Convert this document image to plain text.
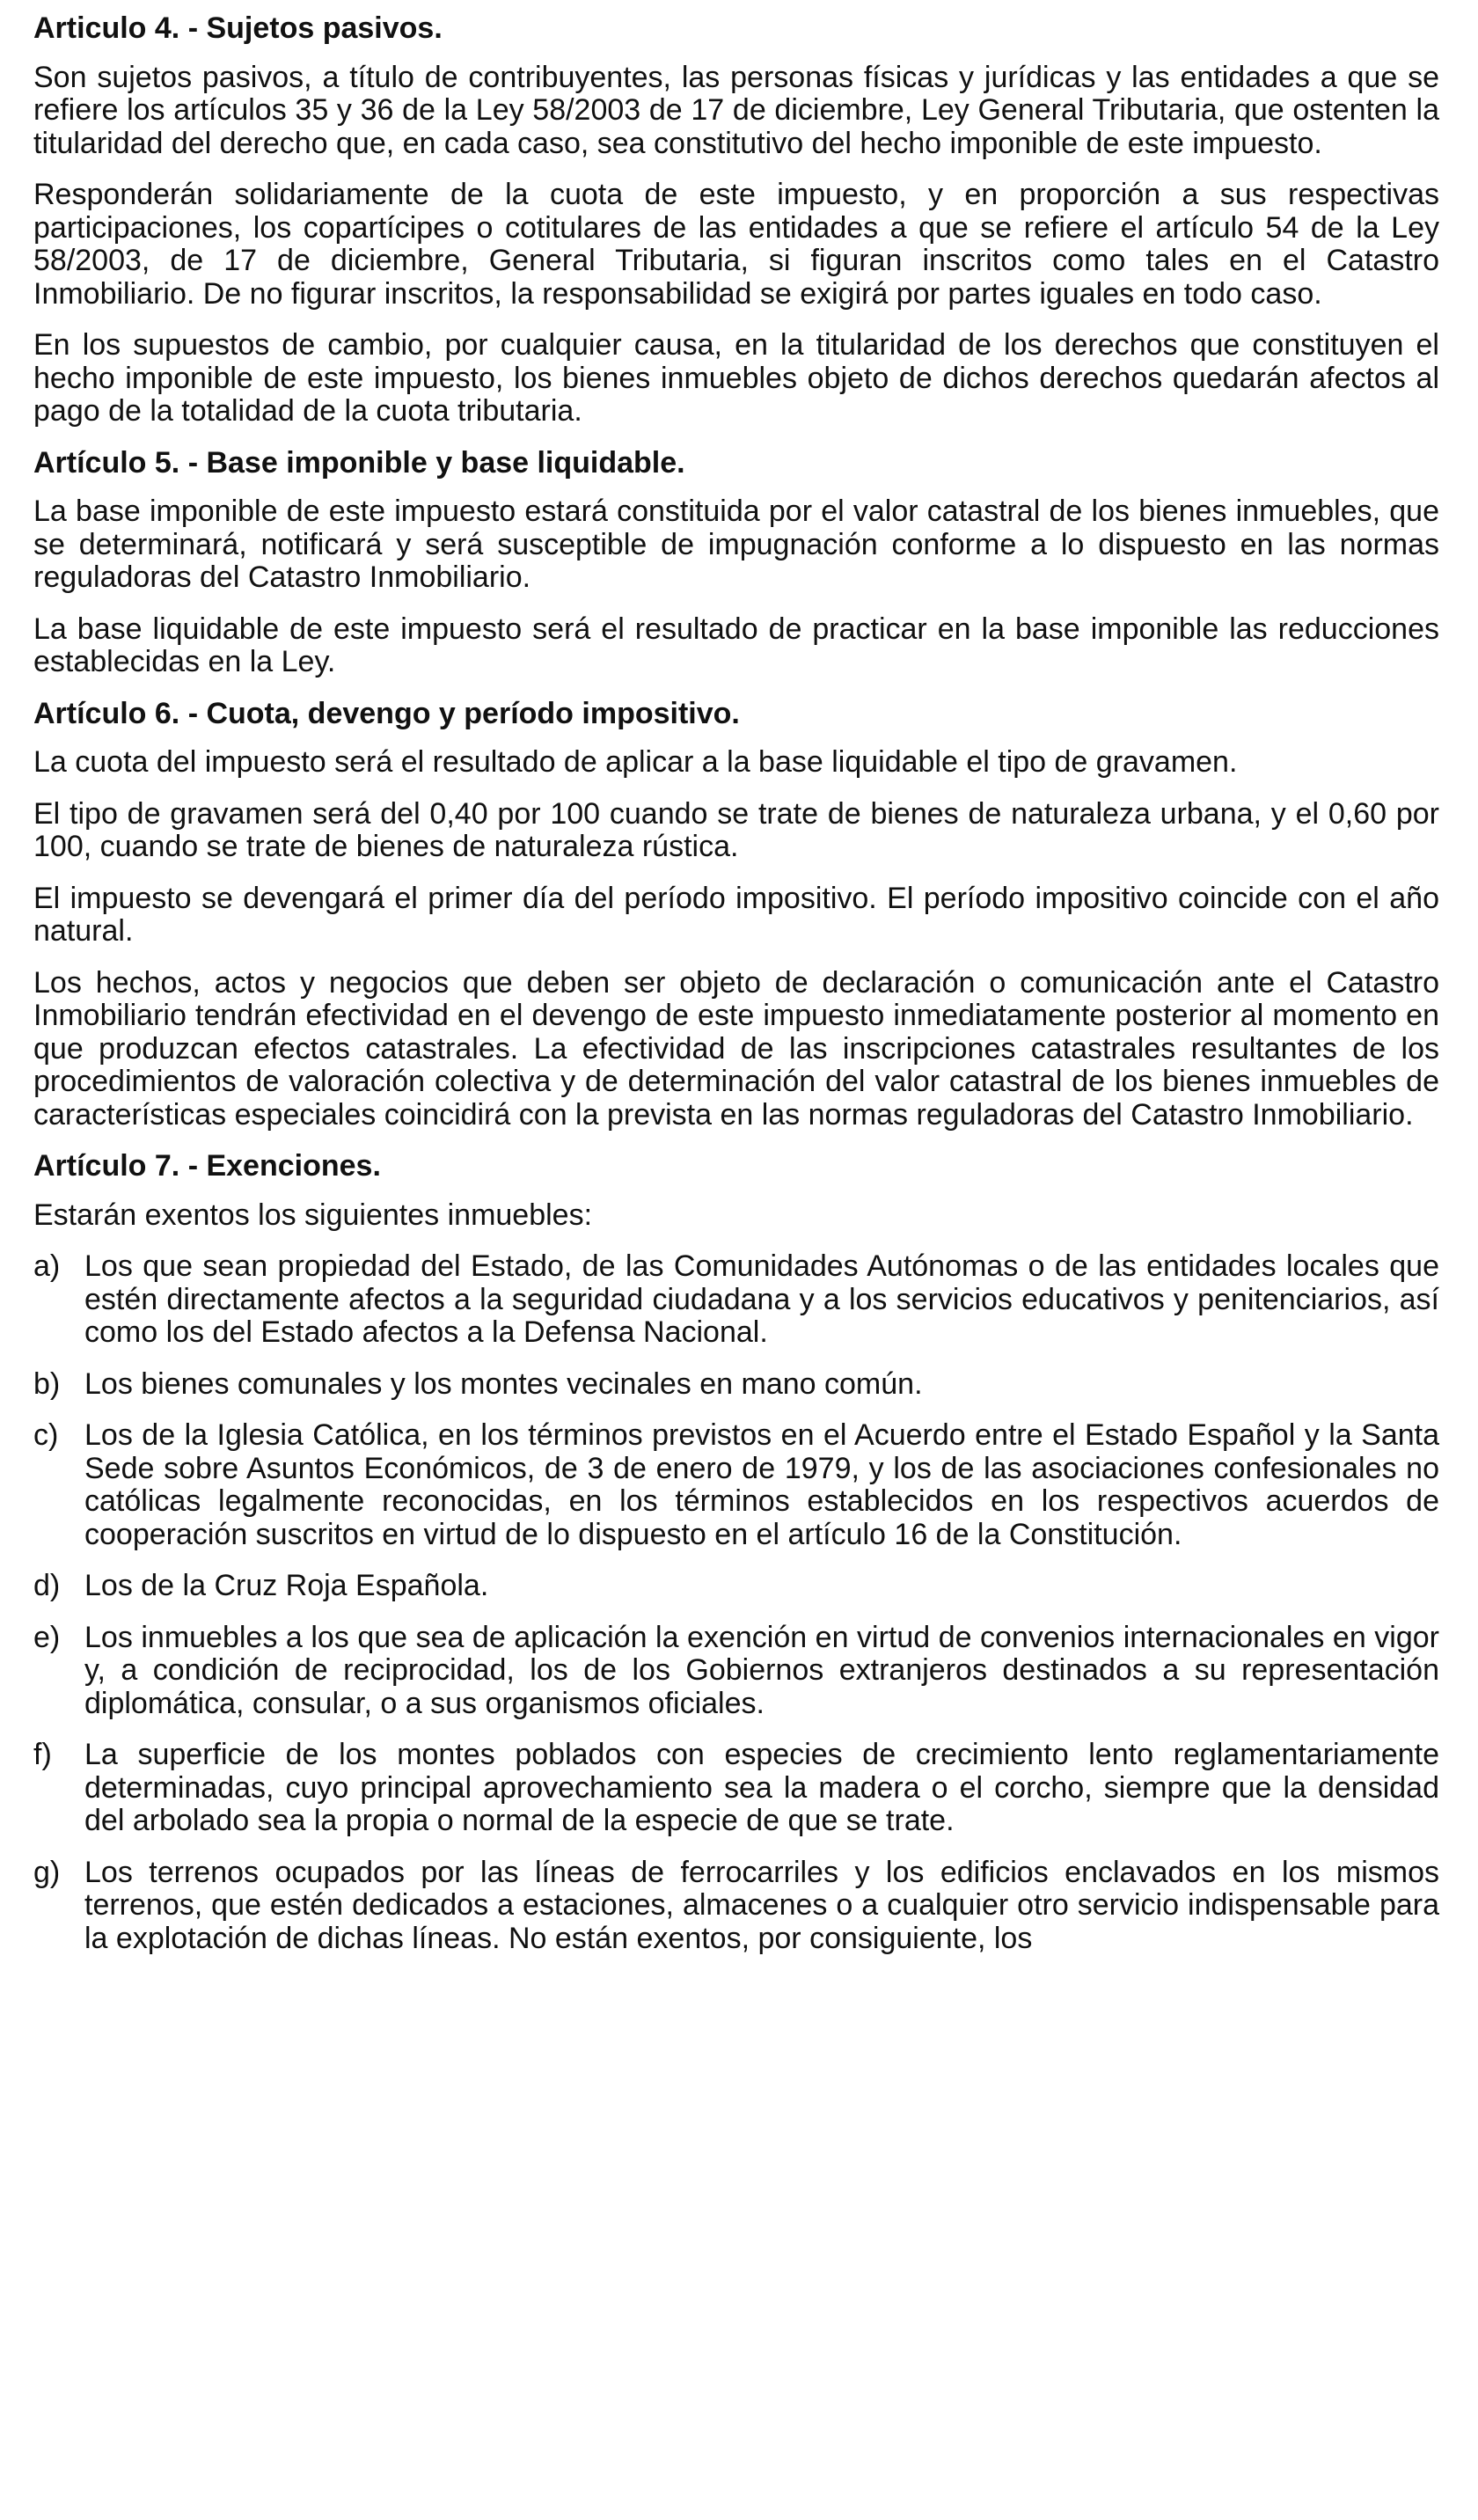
Articulo 4. - Sujetos pasivos.

Son sujetos pasivos, a título de contribuyentes, las personas físicas y jurídicas y las entidades a que se refiere los artículos 35 y 36 de la Ley 58/2003 de 17 de diciembre, Ley General Tributaria, que ostenten la titularidad del derecho que, en cada caso, sea constitutivo del hecho imponible de este impuesto.

Responderán solidariamente de la cuota de este impuesto, y en proporción a sus respectivas participaciones, los copartícipes o cotitulares de las entidades a que se refiere el artículo 54 de la Ley 58/2003, de 17 de diciembre, General Tributaria, si figuran inscritos como tales en el Catastro Inmobiliario. De no figurar inscritos, la responsabilidad se exigirá por partes iguales en todo caso.

En los supuestos de cambio, por cualquier causa, en la titularidad de los derechos que constituyen el hecho imponible de este impuesto, los bienes inmuebles objeto de dichos derechos quedarán afectos al pago de la totalidad de la cuota tributaria.

Artículo 5. - Base imponible y base liquidable.

La base imponible de este impuesto estará constituida por el valor catastral de los bienes inmuebles, que se determinará, notificará y será susceptible de impugnación conforme a lo dispuesto en las normas reguladoras del Catastro Inmobiliario.

La base liquidable de este impuesto será el resultado de practicar en la base imponible las reducciones establecidas en la Ley.

Artículo 6. - Cuota, devengo y período impositivo.

La cuota del impuesto será el resultado de aplicar a la base liquidable el tipo de gravamen.

El tipo de gravamen será del 0,40 por 100 cuando se trate de bienes de naturaleza urbana, y el 0,60 por 100, cuando se trate de bienes de naturaleza rústica.

El impuesto se devengará el primer día del período impositivo. El período impositivo coincide con el año natural.

Los hechos, actos y negocios que deben ser objeto de declaración o comunicación ante el Catastro Inmobiliario tendrán efectividad en el devengo de este impuesto inmediatamente posterior al momento en que produzcan efectos catastrales. La efectividad de las inscripciones catastrales resultantes de los procedimientos de valoración colectiva y de determinación del valor catastral de los bienes inmuebles de características especiales coincidirá con la prevista en las normas reguladoras del Catastro Inmobiliario.

Artículo 7. - Exenciones.

Estarán exentos los siguientes inmuebles:

a) Los que sean propiedad del Estado, de las Comunidades Autónomas o de las entidades locales que estén directamente afectos a la seguridad ciudadana y a los servicios educativos y penitenciarios, así como los del Estado afectos a la Defensa Nacional.
b) Los bienes comunales y los montes vecinales en mano común.
c) Los de la Iglesia Católica, en los términos previstos en el Acuerdo entre el Estado Español y la Santa Sede sobre Asuntos Económicos, de 3 de enero de 1979, y los de las asociaciones confesionales no católicas legalmente reconocidas, en los términos establecidos en los respectivos acuerdos de cooperación suscritos en virtud de lo dispuesto en el artículo 16 de la Constitución.
d) Los de la Cruz Roja Española.
e) Los inmuebles a los que sea de aplicación la exención en virtud de convenios internacionales en vigor y, a condición de reciprocidad, los de los Gobiernos extranjeros destinados a su representación diplomática, consular, o a sus organismos oficiales.
f)	La superficie de los montes poblados con especies de crecimiento lento reglamentariamente determinadas, cuyo principal aprovechamiento sea la madera o el corcho, siempre que la densidad del arbolado sea la propia o normal de la especie de que se trate.
g) Los terrenos ocupados por las líneas de ferrocarriles y los edificios enclavados en los mismos terrenos, que estén dedicados a estaciones, almacenes o a cualquier otro servicio indispensable para la explotación de dichas líneas. No están exentos, por consiguiente, los
